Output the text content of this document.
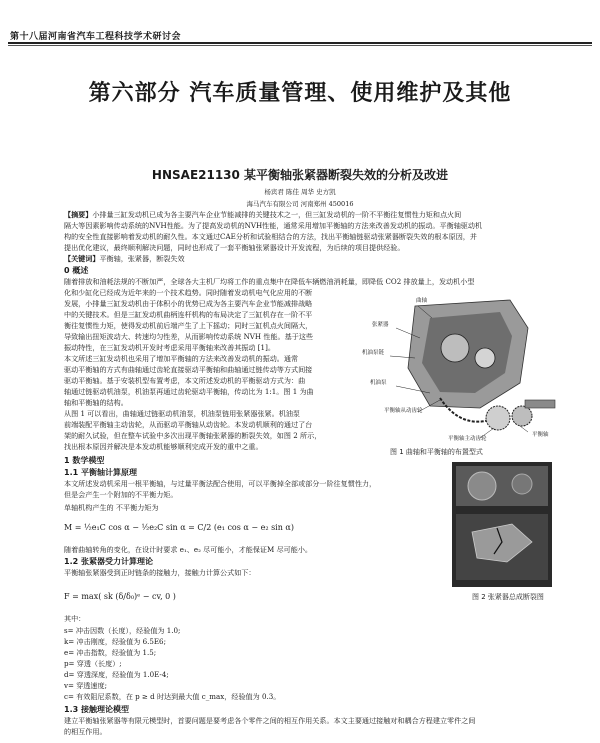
第十八届河南省汽车工程科技学术研讨会
第六部分 汽车质量管理、使用维护及其他
HNSAE21130 某平衡轴张紧器断裂失效的分析及改进
杨宾君 陈佳 周华 史方凯
海马汽车有限公司 河南郑州 450016
【摘要】小排量三缸发动机已成为各主要汽车企业节能减排的关键技术之一，但三缸发动机的一阶不平衡往复惯性力矩和点火间
隔大等因素影响传动系统的NVH性能。为了提高发动机的NVH性能，通常采用增加平衡轴的方法来改善发动机的振动。平衡轴驱动机
构的安全性直接影响着发动机的耐久性。本文通过CAE分析和试验相结合的方法，找出平衡轴链驱动张紧器断裂失效的根本原因，并
提出优化建议，最终顺利解决问题，同时也形成了一套平衡轴张紧器设计开发流程，为后续的项目提供经验。
【关键词】平衡轴，张紧器，断裂失效
0 概述
随着排放和油耗法规的不断加严，全球各大主机厂均将工作的重点集中在降低车辆燃油消耗量，即降低 CO2 排放量上，发动机小型
化和少缸化已经成为近年来的一个技术趋势。同时随着发动机电气化应用的不断
发展，小排量三缸发动机由于体积小的优势已成为各主要汽车企业节能减排战略
中的关键技术。但是三缸发动机曲柄连杆机构的布局决定了三缸机存在一阶不平
衡往复惯性力矩，使得发动机前后端产生了上下摇动；同时三缸机点火间隔大，
导致输出扭矩波动大、转速均匀性差，从而影响传动系统 NVH 性能。基于这些
振动特性，在三缸发动机开发时考虑采用平衡轴来改善其振动 [1]。
本文所述三缸发动机也采用了增加平衡轴的方法来改善发动机的振动。通常
驱动平衡轴的方式有曲轴通过齿轮直接驱动平衡轴和曲轴通过链传动等方式间接
驱动平衡轴。基于安装机型布置考虑，本文所述发动机的平衡驱动方式为：曲
轴通过链驱动机油泵，机油泵再通过齿轮驱动平衡轴，传动比为 1:1。图 1 为曲
轴和平衡轴的结构。
从图 1 可以看出，曲轴通过链驱动机油泵，机油泵链用张紧器张紧。机油泵
前端装配平衡轴主动齿轮，从而驱动平衡轴从动齿轮。本发动机顺利的通过了台
架的耐久试验，但在整车试验中多次出现平衡轴张紧器的断裂失效，如图 2 所示，
找出根本原因并解决是本发动机能够顺利完成开发的重中之重。
曲轴
张紧器
机油泵链
机油泵
平衡轴从动齿轮
平衡轴主动齿轮
平衡轴
图 1 曲轴和平衡轴的布置型式
1 数学模型
1.1 平衡轴计算原理
本文所述发动机采用一根平衡轴，与过量平衡法配合使用，可以平衡掉全部或部分一阶往复惯性力，
但是会产生一个附加的不平衡力矩。
单轴机构产生的 不平衡力矩为
M = ½e₁C cos α − ½e₂C sin α = C/2 (e₁ cos α − e₂ sin α)
随着曲轴转角的变化，在设计时要求 e₁、e₂ 尽可能小，才能保证M 尽可能小。
1.2 张紧器受力计算理论
平衡轴张紧器受到正时链条的接触力，接触力计算公式如下：
F = max( sk (δ/δ₀)ᵉ − cv, 0 )
其中：
s= 冲击因数（长度），经验值为 1.0;
k= 冲击刚度，经验值为 6.5E6;
e= 冲击指数，经验值为 1.5;
p= 穿透（长度）;
d= 穿透深度，经验值为 1.0E-4;
v= 穿透速度;
c= 有效阻尼系数，在 p ≥ d 时达到最大值 c_max，经验值为 0.3。
1.3 接触理论模型
建立平衡轴张紧器等有限元模型时，首要问题是要考虑各个零件之间的相互作用关系。本文主要通过接触对和耦合方程建立零件之间
的相互作用。
图 2 张紧器总成断裂图
